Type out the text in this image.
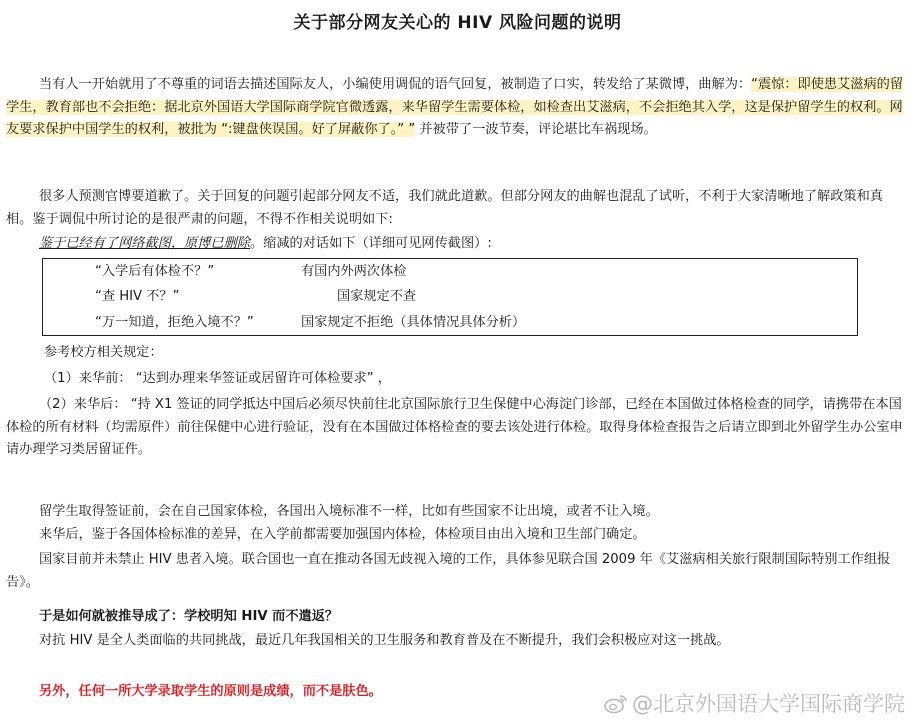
关于部分网友关心的 HIV 风险问题的说明
当有人一开始就用了不尊重的词语去描述国际友人，小编使用调侃的语气回复，被制造了口实，转发给了某微博，曲解为：“震惊：即使患艾滋病的留学生，教育部也不会拒绝：据北京外国语大学国际商学院官微透露，来华留学生需要体检，如检查出艾滋病，不会拒绝其入学，这是保护留学生的权利。网友要求保护中国学生的权利，被批为 “:键盘侠误国。好了屏蔽你了。” ” 并被带了一波节奏，评论堪比车祸现场。
很多人预测官博要道歉了。关于回复的问题引起部分网友不适，我们就此道歉。但部分网友的曲解也混乱了试听，不利于大家清晰地了解政策和真相。鉴于调侃中所讨论的是很严肃的问题，不得不作相关说明如下:
鉴于已经有了网络截图，原博已删除。缩减的对话如下（详细可见网传截图）:
“入学后有体检不？”	有国内外两次体检
“查 HIV 不？”	国家规定不查
“万一知道，拒绝入境不？”	国家规定不拒绝（具体情况具体分析）
参考校方相关规定：
（1）来华前： “达到办理来华签证或居留许可体检要求” ，
（2）来华后： “持 X1 签证的同学抵达中国后必须尽快前往北京国际旅行卫生保健中心海淀门诊部，已经在本国做过体格检查的同学，请携带在本国体检的所有材料（均需原件）前往保健中心进行验证，没有在本国做过体格检查的要去该处进行体检。取得身体检查报告之后请立即到北外留学生办公室申请办理学习类居留证件。
留学生取得签证前，会在自己国家体检，各国出入境标准不一样，比如有些国家不让出境，或者不让入境。
来华后，鉴于各国体检标准的差异，在入学前都需要加强国内体检，体检项目由出入境和卫生部门确定。
国家目前并未禁止 HIV 患者入境。联合国也一直在推动各国无歧视入境的工作，具体参见联合国 2009 年《艾滋病相关旅行限制国际特别工作组报告》。
于是如何就被推导成了：学校明知 HIV 而不遣返？
对抗 HIV 是全人类面临的共同挑战，最近几年我国相关的卫生服务和教育普及在不断提升，我们会积极应对这一挑战。
另外，任何一所大学录取学生的原则是成绩，而不是肤色。
@北京外国语大学国际商学院
